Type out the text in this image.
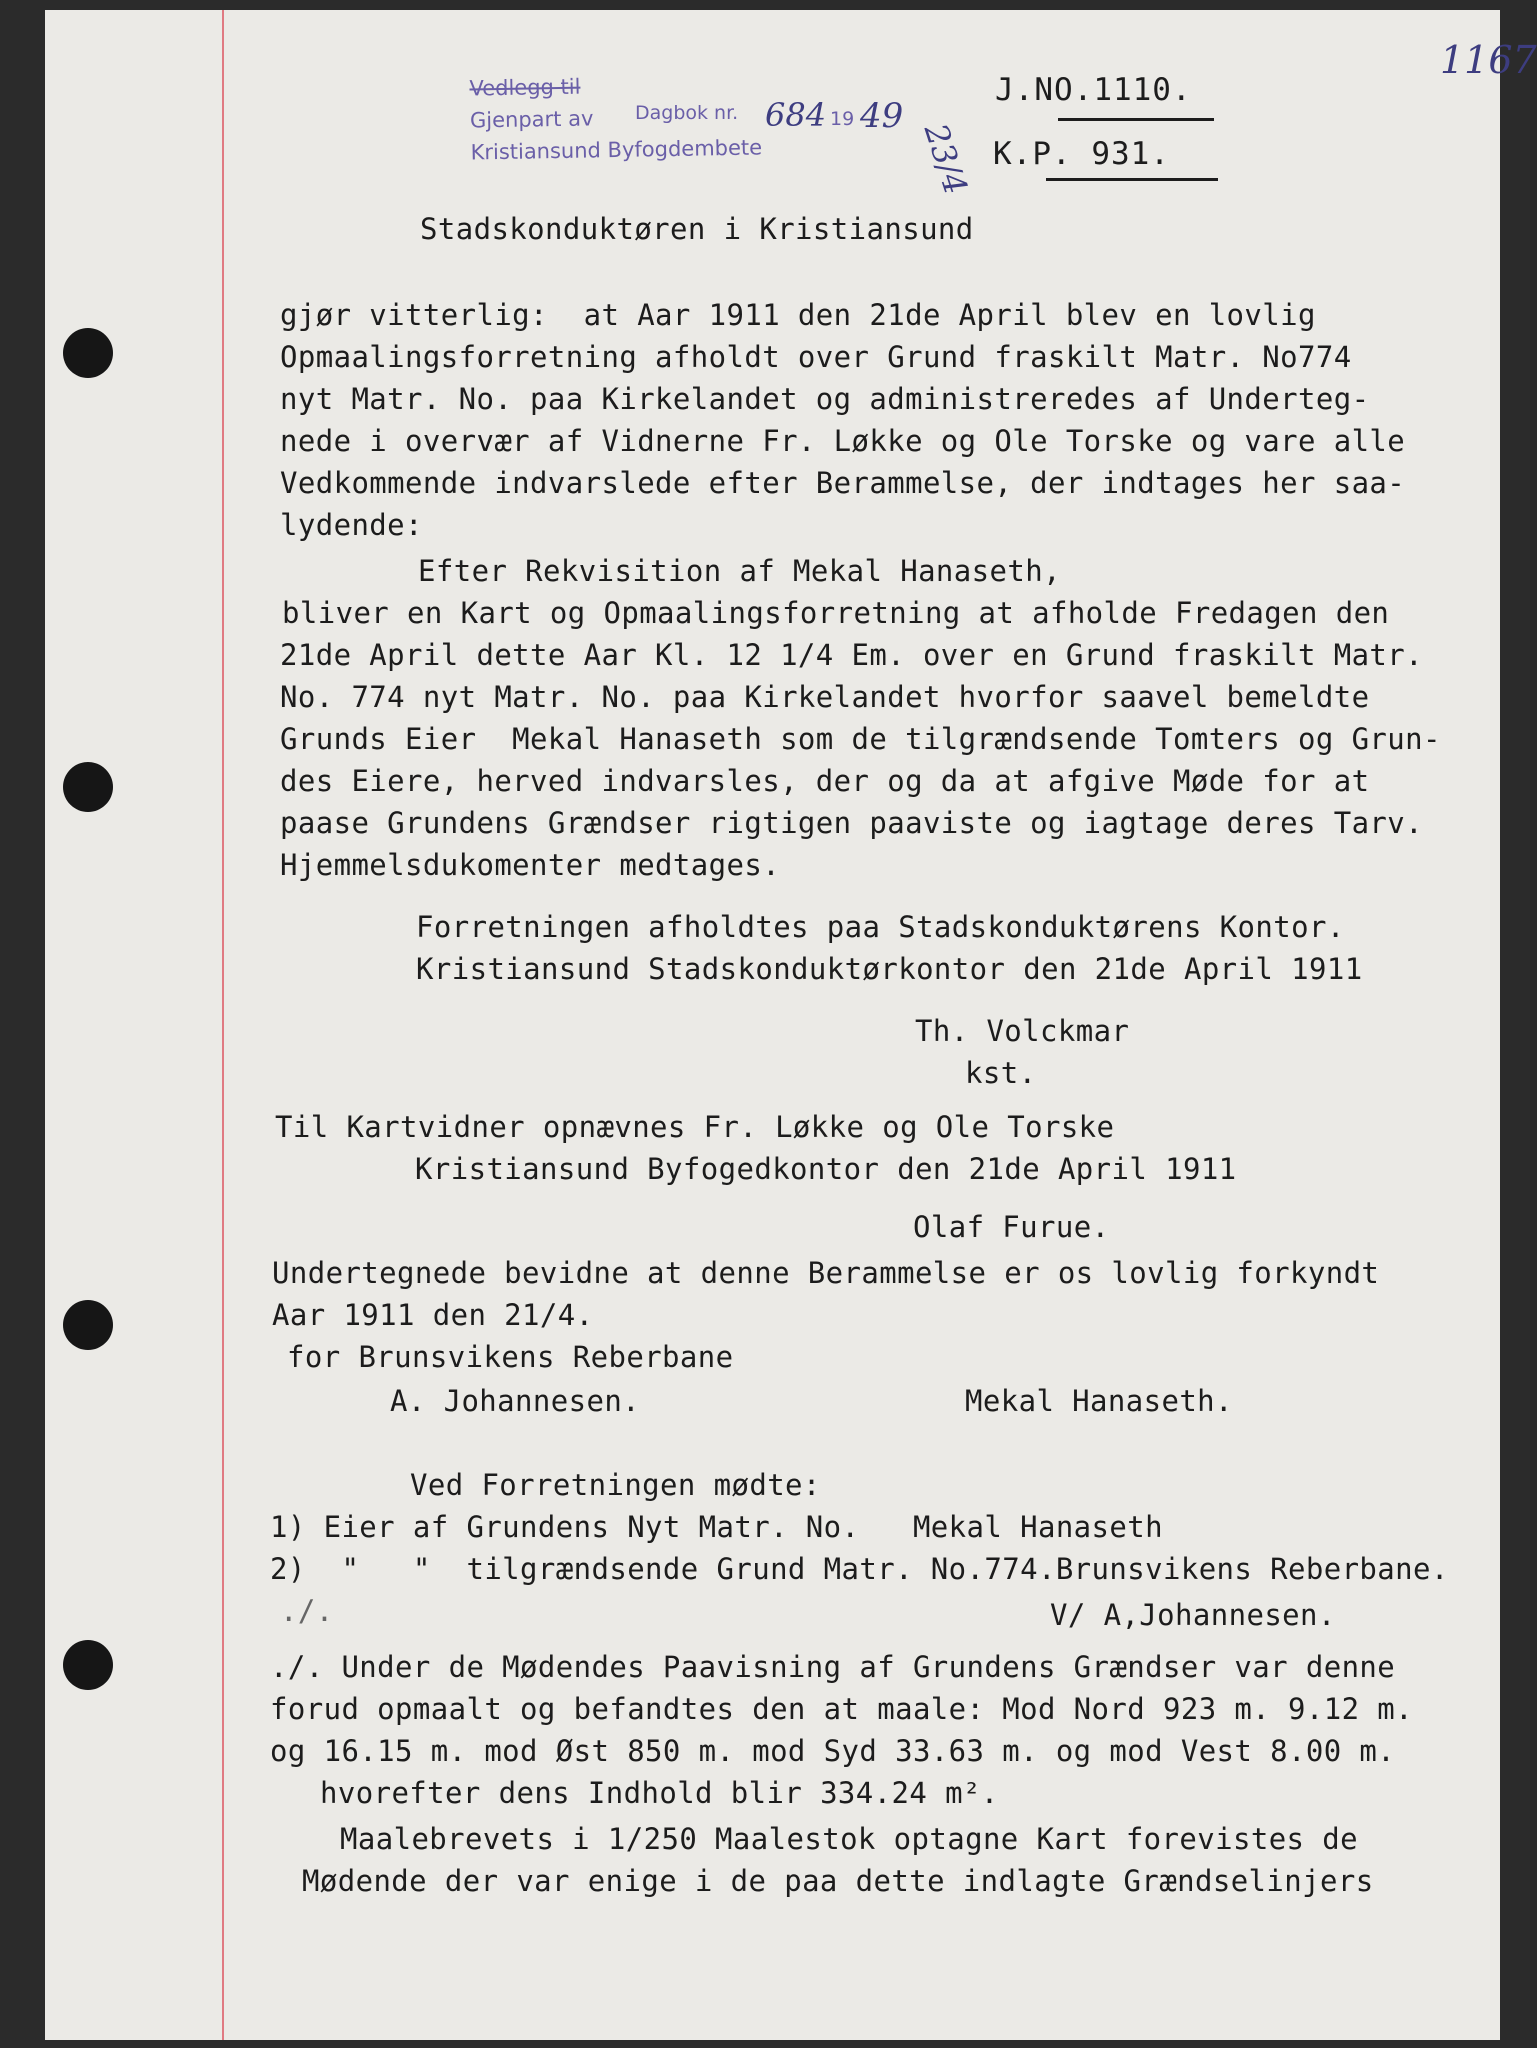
1167
Vedlegg til
Gjenpart av
Kristiansund Byfogdembete
Dagbok nr. 684 19 49
23/4
J.NO.1110.
K.P. 931.
Stadskonduktøren i Kristiansund
gjør vitterlig:  at Aar 1911 den 21de April blev en lovlig
Opmaalingsforretning afholdt over Grund fraskilt Matr. No774
nyt Matr. No. paa Kirkelandet og administreredes af Underteg-
nede i overvær af Vidnerne Fr. Løkke og Ole Torske og vare alle
Vedkommende indvarslede efter Berammelse, der indtages her saa-
lydende:
Efter Rekvisition af Mekal Hanaseth,
bliver en Kart og Opmaalingsforretning at afholde Fredagen den
21de April dette Aar Kl. 12 1/4 Em. over en Grund fraskilt Matr.
No. 774 nyt Matr. No. paa Kirkelandet hvorfor saavel bemeldte
Grunds Eier  Mekal Hanaseth som de tilgrændsende Tomters og Grun-
des Eiere, herved indvarsles, der og da at afgive Møde for at
paase Grundens Grændser rigtigen paaviste og iagtage deres Tarv.
Hjemmelsdukomenter medtages.
Forretningen afholdtes paa Stadskonduktørens Kontor.
Kristiansund Stadskonduktørkontor den 21de April 1911
Th. Volckmar
kst.
Til Kartvidner opnævnes Fr. Løkke og Ole Torske
Kristiansund Byfogedkontor den 21de April 1911
Olaf Furue.
Undertegnede bevidne at denne Berammelse er os lovlig forkyndt
Aar 1911 den 21/4.
for Brunsvikens Reberbane
A. Johannesen.	Mekal Hanaseth.
Ved Forretningen mødte:
1) Eier af Grundens Nyt Matr. No.   Mekal Hanaseth
2)  "   "  tilgrændsende Grund Matr. No.774.Brunsvikens Reberbane.
./.	V/ A,Johannesen.
./. Under de Mødendes Paavisning af Grundens Grændser var denne
forud opmaalt og befandtes den at maale: Mod Nord 923 m. 9.12 m.
og 16.15 m. mod Øst 850 m. mod Syd 33.63 m. og mod Vest 8.00 m.
hvorefter dens Indhold blir 334.24 m².
Maalebrevets i 1/250 Maalestok optagne Kart forevistes de
Mødende der var enige i de paa dette indlagte Grændselinjers
